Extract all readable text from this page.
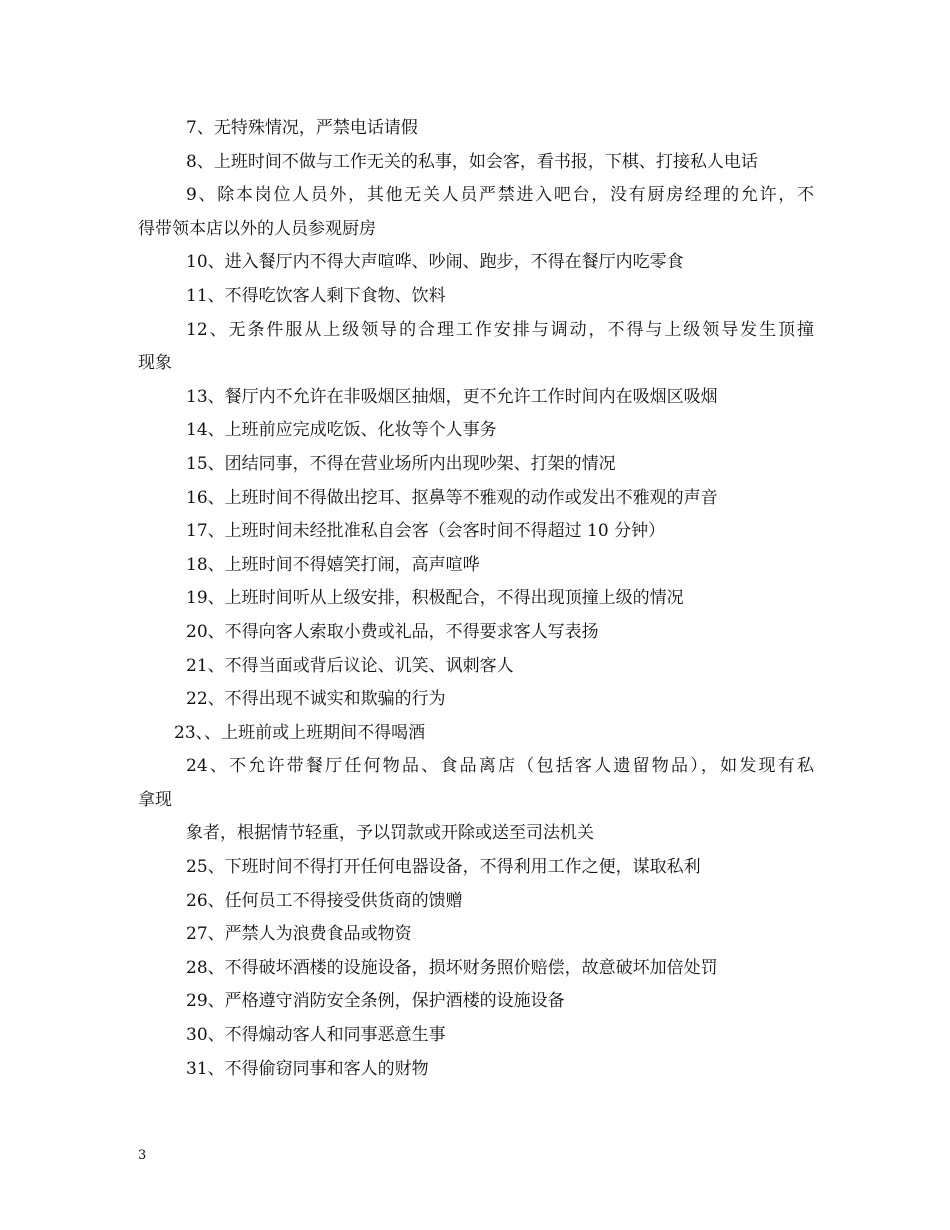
7、无特殊情况，严禁电话请假
8、上班时间不做与工作无关的私事，如会客，看书报，下棋、打接私人电话
9、除本岗位人员外，其他无关人员严禁进入吧台，没有厨房经理的允许，不
得带领本店以外的人员参观厨房
10、进入餐厅内不得大声喧哗、吵闹、跑步，不得在餐厅内吃零食
11、不得吃饮客人剩下食物、饮料
12、无条件服从上级领导的合理工作安排与调动，不得与上级领导发生顶撞
现象
13、餐厅内不允许在非吸烟区抽烟，更不允许工作时间内在吸烟区吸烟
14、上班前应完成吃饭、化妆等个人事务
15、团结同事，不得在营业场所内出现吵架、打架的情况
16、上班时间不得做出挖耳、抠鼻等不雅观的动作或发出不雅观的声音
17、上班时间未经批准私自会客（会客时间不得超过 10 分钟）
18、上班时间不得嬉笑打闹，高声喧哗
19、上班时间听从上级安排，积极配合，不得出现顶撞上级的情况
20、不得向客人索取小费或礼品，不得要求客人写表扬
21、不得当面或背后议论、讥笑、讽刺客人
22、不得出现不诚实和欺骗的行为
23、、上班前或上班期间不得喝酒
24、不允许带餐厅任何物品、食品离店（包括客人遗留物品），如发现有私
拿现
象者，根据情节轻重，予以罚款或开除或送至司法机关
25、下班时间不得打开任何电器设备，不得利用工作之便，谋取私利
26、任何员工不得接受供货商的馈赠
27、严禁人为浪费食品或物资
28、不得破坏酒楼的设施设备，损坏财务照价赔偿，故意破坏加倍处罚
29、严格遵守消防安全条例，保护酒楼的设施设备
30、不得煽动客人和同事恶意生事
31、不得偷窃同事和客人的财物
3
